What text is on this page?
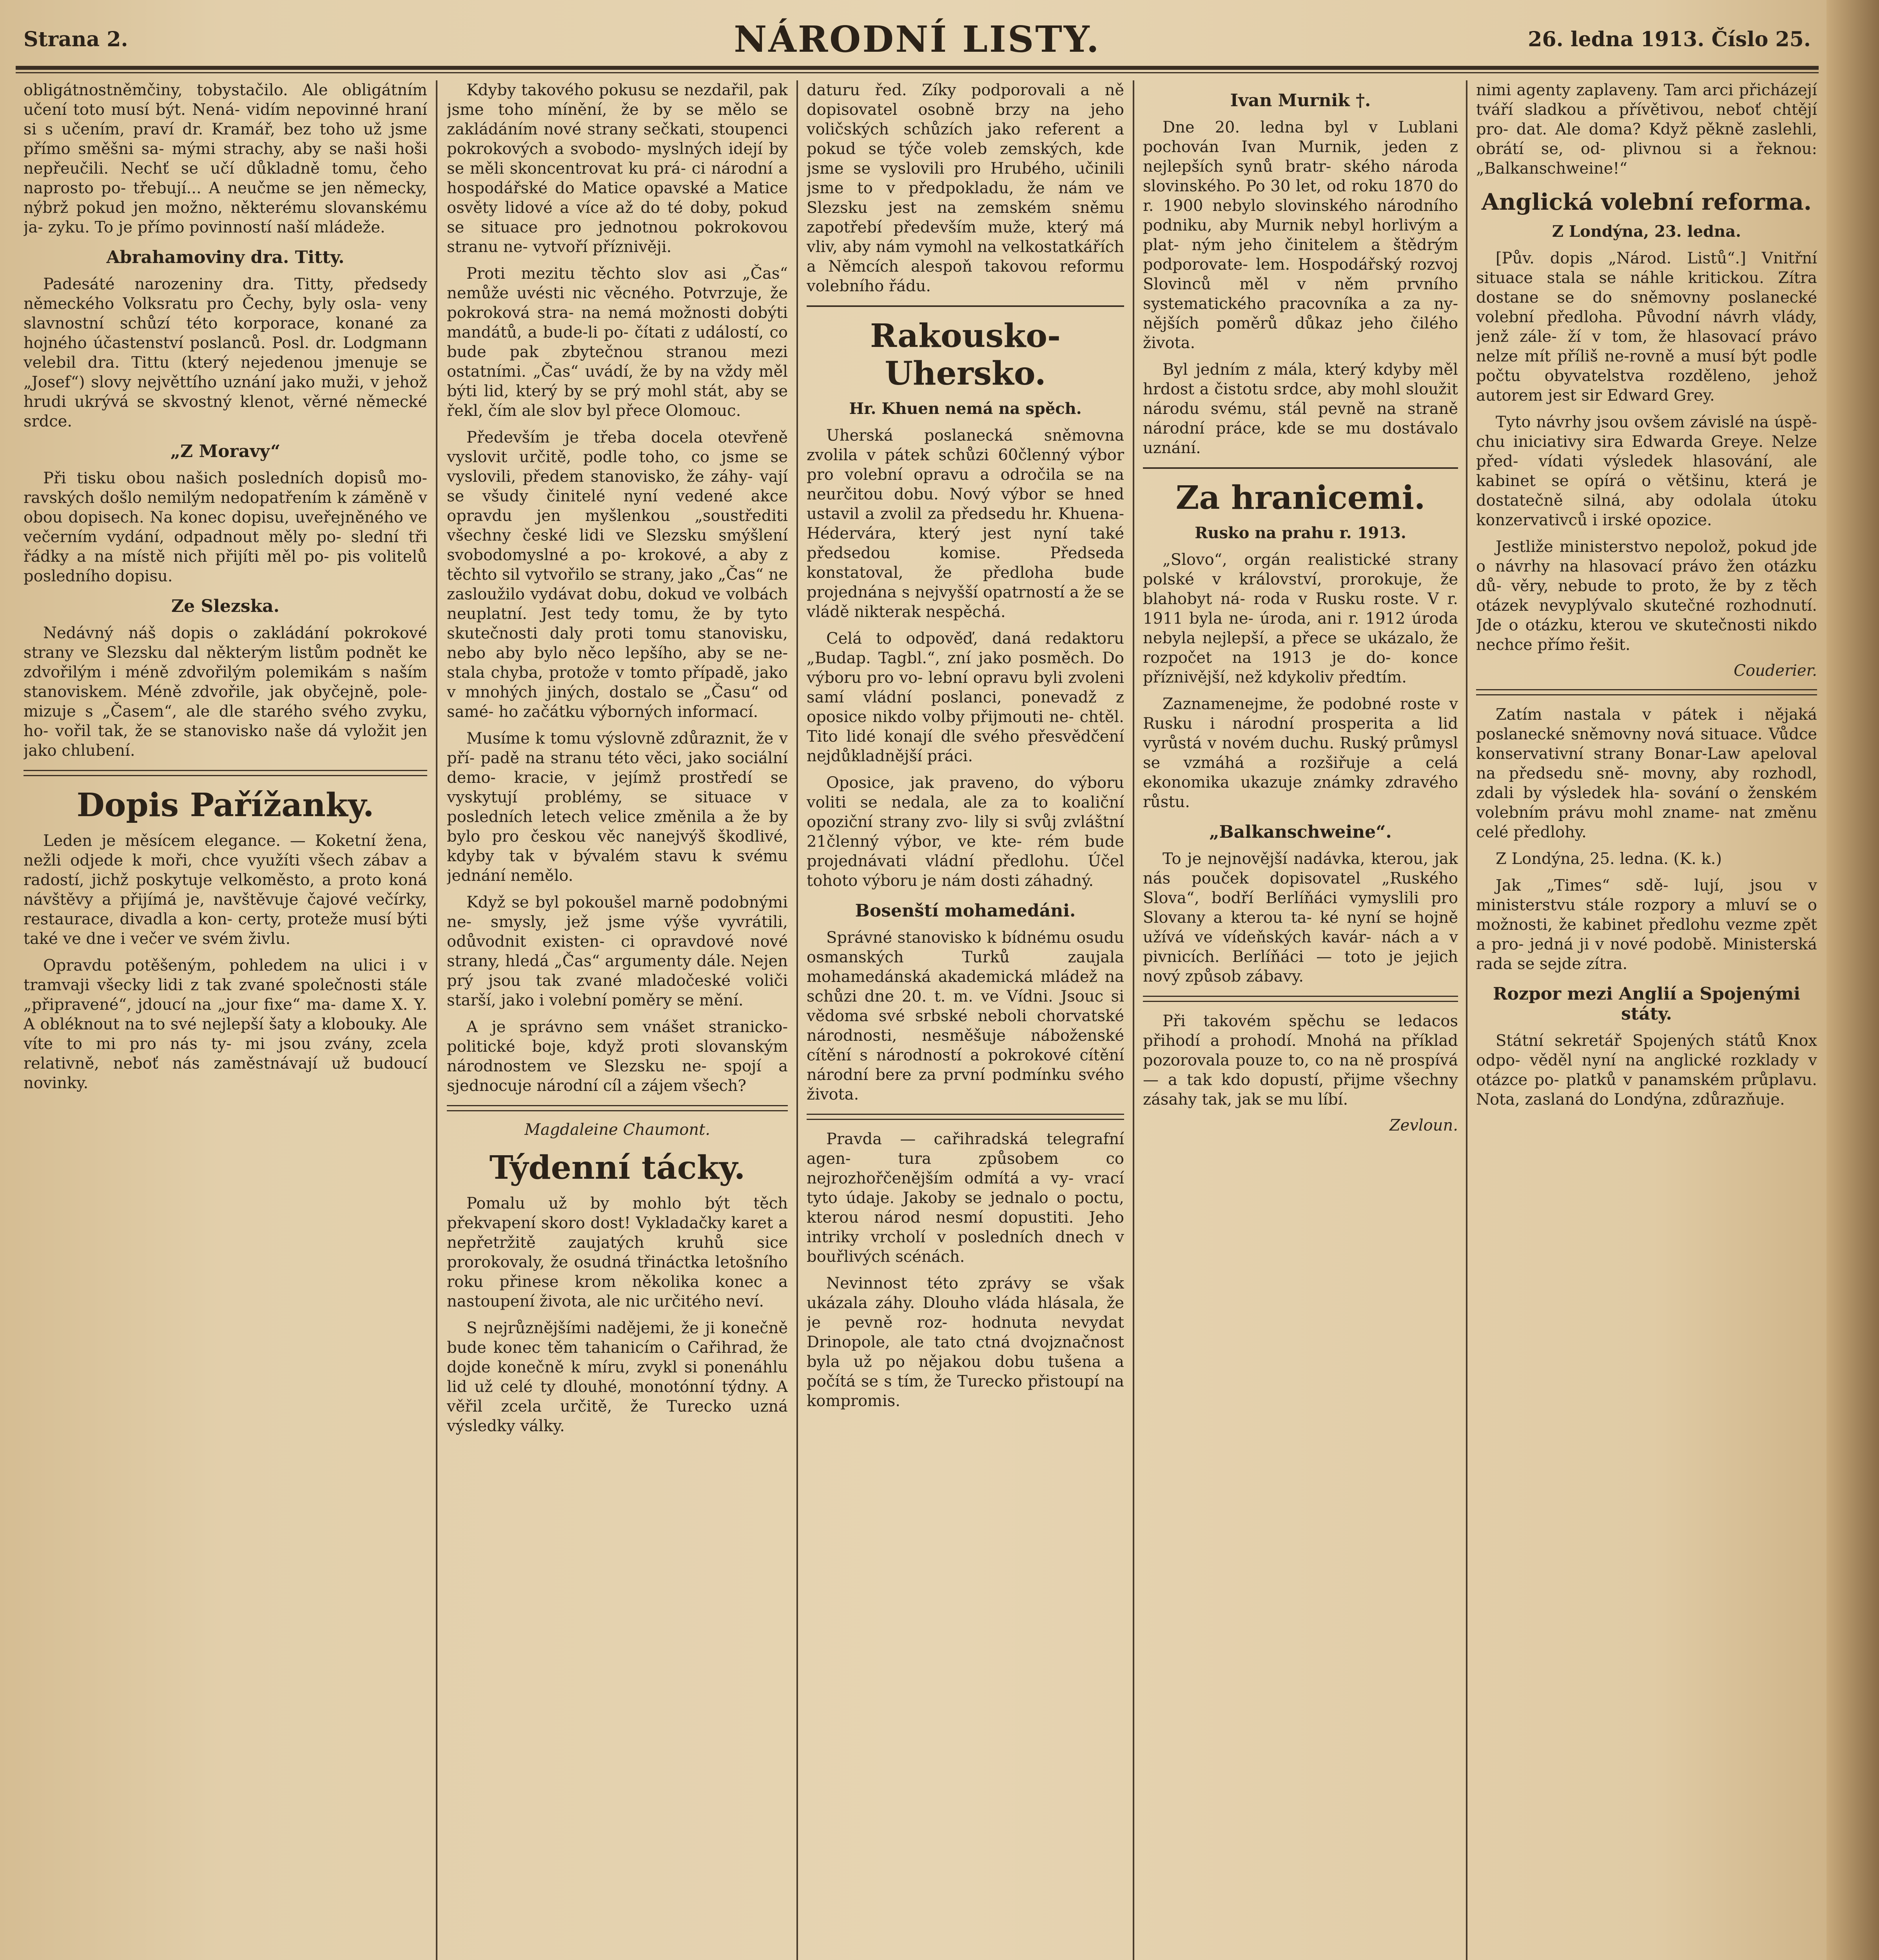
Strana 2.	NÁRODNÍ LISTY.	26. ledna 1913. Číslo 25.

obligátnostněmčiny, tobystačilo. Ale obligátním učení toto musí být. Nená- vidím nepovinné hraní si s učením, praví dr. Kramář, bez toho už jsme přímo směšni sa- mými strachy, aby se naši hoši nepřeučili. Nechť se učí důkladně tomu, čeho naprosto po- třebují... A neučme se jen německy, nýbrž pokud jen možno, některému slovanskému ja- zyku. To je přímo povinností naší mládeže.

Abrahamoviny dra. Titty.

Padesáté narozeniny dra. Titty, předsedy německého Volksratu pro Čechy, byly osla- veny slavnostní schůzí této korporace, konané za hojného účastenství poslanců. Posl. dr. Lodgmann velebil dra. Tittu (který nejedenou jmenuje se „Josef“) slovy největtího uznání jako muži, v jehož hrudi ukrývá se skvostný klenot, věrné německé srdce.

„Z Moravy“

Při tisku obou našich posledních dopisů mo- ravských došlo nemilým nedopatřením k záměně v obou dopisech. Na konec dopisu, uveřejněného ve večerním vydání, odpadnout měly po- slední tři řádky a na místě nich přijíti měl po- pis volitelů posledního dopisu.

Ze Slezska.

Nedávný náš dopis o zakládání pokrokové strany ve Slezsku dal některým listům podnět ke zdvořilým i méně zdvořilým polemikám s naším stanoviskem. Méně zdvořile, jak obyčejně, pole- mizuje s „Časem“, ale dle starého svého zvyku, ho- vořil tak, že se stanovisko naše dá vyložit jen jako chlubení.

Dopis Pařížanky.

Leden je měsícem elegance. — Koketní žena, nežli odjede k moři, chce využíti všech zábav a radostí, jichž poskytuje velkoměsto, a proto koná návštěvy a přijímá je, navštěvuje čajové večírky, restaurace, divadla a kon- certy, proteže musí býti také ve dne i večer ve svém živlu.

Opravdu potěšeným, pohledem na ulici i v tramvaji všecky lidi z tak zvané společnosti stále „připravené“, jdoucí na „jour fixe“ ma- dame X. Y. A obléknout na to své nejlepší šaty a klobouky. Ale víte to mi pro nás ty- mi jsou zvány, zcela relativně, neboť nás zaměstnávají už budoucí novinky.

Kdyby takového pokusu se nezdařil, pak jsme toho mínění, že by se mělo se zakládáním nové strany sečkati, stoupenci pokrokových a svobodo- myslných idejí by se měli skoncentrovat ku prá- ci národní a hospodářské do Matice opavské a Matice osvěty lidové a více až do té doby, pokud se situace pro jednotnou pokrokovou stranu ne- vytvoří příznivěji.

Proti mezitu těchto slov asi „Čas“ nemůže uvésti nic věcného. Potvrzuje, že pokroková stra- na nemá možnosti dobýti mandátů, a bude-li po- čítati z událostí, co bude pak zbytečnou stranou mezi ostatními. „Čas“ uvádí, že by na vždy měl býti lid, který by se prý mohl stát, aby se řekl, čím ale slov byl přece Olomouc.

Především je třeba docela otevřeně vyslovit určitě, podle toho, co jsme se vyslovili, předem stanovisko, že záhy- vají se všudy činitelé nyní vedené akce opravdu jen myšlenkou „soustřediti všechny české lidi ve Slezsku smýšlení svobodomyslné a po- krokové, a aby z těchto sil vytvořilo se strany, jako „Čas“ ne zasloužilo vydávat dobu, dokud ve volbách neuplatní. Jest tedy tomu, že by tyto skutečnosti daly proti tomu stanovisku, nebo aby bylo něco lepšího, aby se ne- stala chyba, protože v tomto případě, jako v mnohých jiných, dostalo se „Času“ od samé- ho začátku výborných informací.

Musíme k tomu výslovně zdůraznit, že v pří- padě na stranu této věci, jako sociální demo- kracie, v jejímž prostředí se vyskytují problémy, se situace v posledních letech velice změnila a že by bylo pro českou věc nanejvýš škodlivé, kdyby tak v bývalém stavu k svému jednání nemělo.

Když se byl pokoušel marně podobnými ne- smysly, jež jsme výše vyvrátili, odůvodnit existen- ci opravdové nové strany, hledá „Čas“ argumenty dále. Nejen prý jsou tak zvané mladočeské voliči starší, jako i volební poměry se mění.

A je správno sem vnášet stranicko-politické boje, když proti slovanským národnostem ve Slezsku ne- spojí a sjednocuje národní cíl a zájem všech?

Magdaleine Chaumont.
Týdenní tácky.

Pomalu už by mohlo být těch překvapení skoro dost! Vykladačky karet a nepřetržitě zaujatých kruhů sice prorokovaly, že osudná třináctka letošního roku přinese krom několika konec a nastoupení života, ale nic určitého neví.

S nejrůznějšími nadějemi, že ji konečně bude konec těm tahanicím o Cařihrad, že dojde konečně k míru, zvykl si ponenáhlu lid už celé ty dlouhé, monotónní týdny. A věřil zcela určitě, že Turecko uzná výsledky války.

daturu řed. Zíky podporovali a ně dopisovatel osobně brzy na jeho voličských schůzích jako referent a pokud se týče voleb zemských, kde jsme se vyslovili pro Hrubého, učinili jsme to v předpokladu, že nám ve Slezsku jest na zemském sněmu zapotřebí především muže, který má vliv, aby nám vymohl na velkostatkářích a Němcích alespoň takovou reformu volebního řádu.

Rakousko-Uhersko.
Hr. Khuen nemá na spěch.

Uherská poslanecká sněmovna zvolila v pátek schůzi 60členný výbor pro volební opravu a odročila se na neurčitou dobu. Nový výbor se hned ustavil a zvolil za předsedu hr. Khuena-Hédervára, který jest nyní také předsedou komise. Předseda konstatoval, že předloha bude projednána s nejvyšší opatrností a že se vládě nikterak nespěchá.

Celá to odpověď, daná redaktoru „Budap. Tagbl.“, zní jako posměch. Do výboru pro vo- lební opravu byli zvoleni samí vládní poslanci, ponevadž z oposice nikdo volby přijmouti ne- chtěl. Tito lidé konají dle svého přesvědčení nejdůkladnější práci.

Oposice, jak praveno, do výboru voliti se nedala, ale za to koaliční opoziční strany zvo- lily si svůj zvláštní 21členný výbor, ve kte- rém bude projednávati vládní předlohu. Účel tohoto výboru je nám dosti záhadný.

Bosenští mohamedáni.

Správné stanovisko k bídnému osudu osmanských Turků zaujala mohamedánská akademická mládež na schůzi dne 20. t. m. ve Vídni. Jsouc si vědoma své srbské neboli chorvatské národnosti, nesměšuje náboženské cítění s národností a pokrokové cítění národní bere za první podmínku svého života.

Pravda — cařihradská telegrafní agen- tura způsobem co nejrozhořčenějším odmítá a vy- vrací tyto údaje. Jakoby se jednalo o poctu, kterou národ nesmí dopustiti. Jeho intriky vrcholí v posledních dnech v bouřlivých scénách.

Nevinnost této zprávy se však ukázala záhy. Dlouho vláda hlásala, že je pevně roz- hodnuta nevydat Drinopole, ale tato ctná dvojznačnost byla už po nějakou dobu tušena a počítá se s tím, že Turecko přistoupí na kompromis.

Ivan Murnik †.

Dne 20. ledna byl v Lublani pochován Ivan Murnik, jeden z nejlepších synů bratr- ského národa slovinského. Po 30 let, od roku 1870 do r. 1900 nebylo slovinského národního podniku, aby Murnik nebyl horlivým a plat- ným jeho činitelem a štědrým podporovate- lem. Hospodářský rozvoj Slovinců měl v něm prvního systematického pracovníka a za ny- nějších poměrů důkaz jeho čilého života.

Byl jedním z mála, který kdyby měl hrdost a čistotu srdce, aby mohl sloužit národu svému, stál pevně na straně národní práce, kde se mu dostávalo uznání.

Za hranicemi.
Rusko na prahu r. 1913.

„Slovo“, orgán realistické strany polské v království, prorokuje, že blahobyt ná- roda v Rusku roste. V r. 1911 byla ne- úroda, ani r. 1912 úroda nebyla nejlepší, a přece se ukázalo, že rozpočet na 1913 je do- konce příznivější, než kdykoliv předtím.

Zaznamenejme, že podobné roste v Rusku i národní prosperita a lid vyrůstá v novém duchu. Ruský průmysl se vzmáhá a rozšiřuje a celá ekonomika ukazuje známky zdravého růstu.

„Balkanschweine“.

To je nejnovější nadávka, kterou, jak nás pouček dopisovatel „Ruského Slova“, bodří Berlíňáci vymyslili pro Slovany a kterou ta- ké nyní se hojně užívá ve vídeňských kavár- nách a v pivnicích. Berlíňáci — toto je jejich nový způsob zábavy.

Při takovém spěchu se ledacos přihodí a prohodí. Mnohá na příklad pozorovala pouze to, co na ně prospívá — a tak kdo dopustí, přijme všechny zásahy tak, jak se mu líbí.

Zevloun.

nimi agenty zaplaveny. Tam arci přicházejí tváří sladkou a přívětivou, neboť chtějí pro- dat. Ale doma? Když pěkně zaslehli, obrátí se, od- plivnou si a řeknou: „Balkanschweine!“

Anglická volební reforma.
Z Londýna, 23. ledna.

[Pův. dopis „Národ. Listů“.] Vnitřní situace stala se náhle kritickou. Zítra dostane se do sněmovny poslanecké volební předloha. Původní návrh vlády, jenž zále- ží v tom, že hlasovací právo nelze mít příliš ne-rovně a musí být podle počtu obyvatelstva rozděleno, jehož autorem jest sir Edward Grey.

Tyto návrhy jsou ovšem závislé na úspě- chu iniciativy sira Edwarda Greye. Nelze před- vídati výsledek hlasování, ale kabinet se opírá o většinu, která je dostatečně silná, aby odolala útoku konzervativců i irské opozice.

Jestliže ministerstvo nepolož, pokud jde o návrhy na hlasovací právo žen otázku dů- věry, nebude to proto, že by z těch otázek nevyplývalo skutečné rozhodnutí. Jde o otázku, kterou ve skutečnosti nikdo nechce přímo řešit.

Couderier.

Zatím nastala v pátek i nějaká poslanecké sněmovny nová situace. Vůdce konservativní strany Bonar-Law apeloval na předsedu sně- movny, aby rozhodl, zdali by výsledek hla- sování o ženském volebním právu mohl zname- nat změnu celé předlohy.

Z Londýna, 25. ledna. (K. k.)

Jak „Times“ sdě- lují, jsou v ministerstvu stále rozpory a mluví se o možnosti, že kabinet předlohu vezme zpět a pro- jedná ji v nové podobě. Ministerská rada se sejde zítra.

Rozpor mezi Anglií a Spojenými státy.

Státní sekretář Spojených států Knox odpo- věděl nyní na anglické rozklady v otázce po- platků v panamském průplavu. Nota, zaslaná do Londýna, zdůrazňuje.
